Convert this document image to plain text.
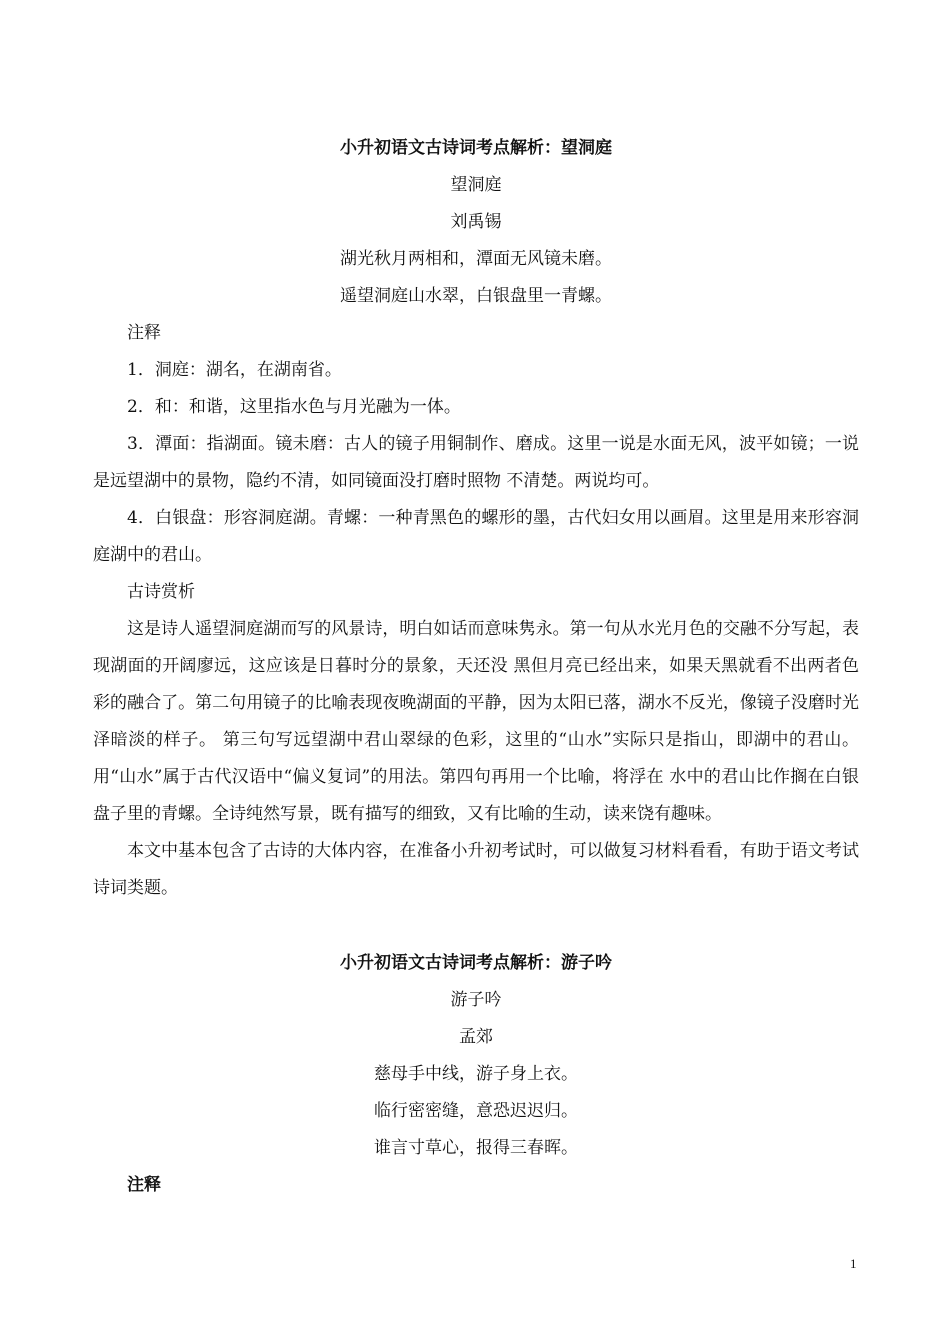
小升初语文古诗词考点解析：望洞庭

望洞庭

刘禹锡

湖光秋月两相和，潭面无风镜未磨。

遥望洞庭山水翠，白银盘里一青螺。

注释

1．洞庭：湖名，在湖南省。

2．和：和谐，这里指水色与月光融为一体。

3．潭面：指湖面。镜未磨：古人的镜子用铜制作、磨成。这里一说是水面无风，波平如镜；一说是远望湖中的景物，隐约不清，如同镜面没打磨时照物 不清楚。两说均可。

4．白银盘：形容洞庭湖。青螺：一种青黑色的螺形的墨，古代妇女用以画眉。这里是用来形容洞庭湖中的君山。

古诗赏析

这是诗人遥望洞庭湖而写的风景诗，明白如话而意味隽永。第一句从水光月色的交融不分写起，表现湖面的开阔廖远，这应该是日暮时分的景象，天还没 黑但月亮已经出来，如果天黑就看不出两者色彩的融合了。第二句用镜子的比喻表现夜晚湖面的平静，因为太阳已落，湖水不反光，像镜子没磨时光泽暗淡的样子。 第三句写远望湖中君山翠绿的色彩，这里的“山水”实际只是指山，即湖中的君山。用“山水”属于古代汉语中“偏义复词”的用法。第四句再用一个比喻，将浮在 水中的君山比作搁在白银盘子里的青螺。全诗纯然写景，既有描写的细致，又有比喻的生动，读来饶有趣味。

本文中基本包含了古诗的大体内容，在准备小升初考试时，可以做复习材料看看，有助于语文考试诗词类题。

小升初语文古诗词考点解析：游子吟

游子吟

孟郊

慈母手中线，游子身上衣。

临行密密缝，意恐迟迟归。

谁言寸草心，报得三春晖。

注释

1
